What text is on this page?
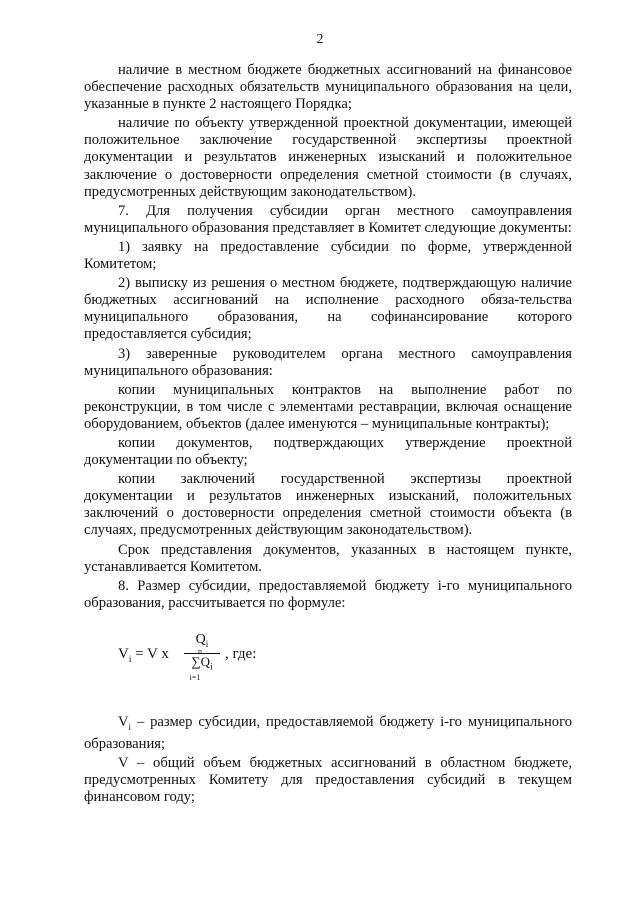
2

наличие в местном бюджете бюджетных ассигнований на финансовое обеспечение расходных обязательств муниципального образования на цели, указанные в пункте 2 настоящего Порядка;

наличие по объекту утвержденной проектной документации, имеющей положительное заключение государственной экспертизы проектной документации и результатов инженерных изысканий и положительное заключение о достоверности определения сметной стоимости (в случаях, предусмотренных действующим законодательством).

7. Для получения субсидии орган местного самоуправления муниципального образования представляет в Комитет следующие документы:

1) заявку на предоставление субсидии по форме, утвержденной Комитетом;

2) выписку из решения о местном бюджете, подтверждающую наличие бюджетных ассигнований на исполнение расходного обяза-тельства муниципального образования, на софинансирование которого предоставляется субсидия;

3) заверенные руководителем органа местного самоуправления муниципального образования:

копии муниципальных контрактов на выполнение работ по реконструкции, в том числе с элементами реставрации, включая оснащение оборудованием, объектов (далее именуются – муниципальные контракты);

копии документов, подтверждающих утверждение проектной документации по объекту;

копии заключений государственной экспертизы проектной документации и результатов инженерных изысканий, положительных заключений о достоверности определения сметной стоимости объекта (в случаях, предусмотренных действующим законодательством).

Срок представления документов, указанных в настоящем пункте, устанавливается Комитетом.

8. Размер субсидии, предоставляемой бюджету i-го муниципального образования, рассчитывается по формуле:

$V_i = V$ x
$Q_i$
n
$\sum Q_i$
i=1
, где:

$V_i$ – размер субсидии, предоставляемой бюджету i-го муниципального образования;

V – общий объем бюджетных ассигнований в областном бюджете, предусмотренных Комитету для предоставления субсидий в текущем финансовом году;
